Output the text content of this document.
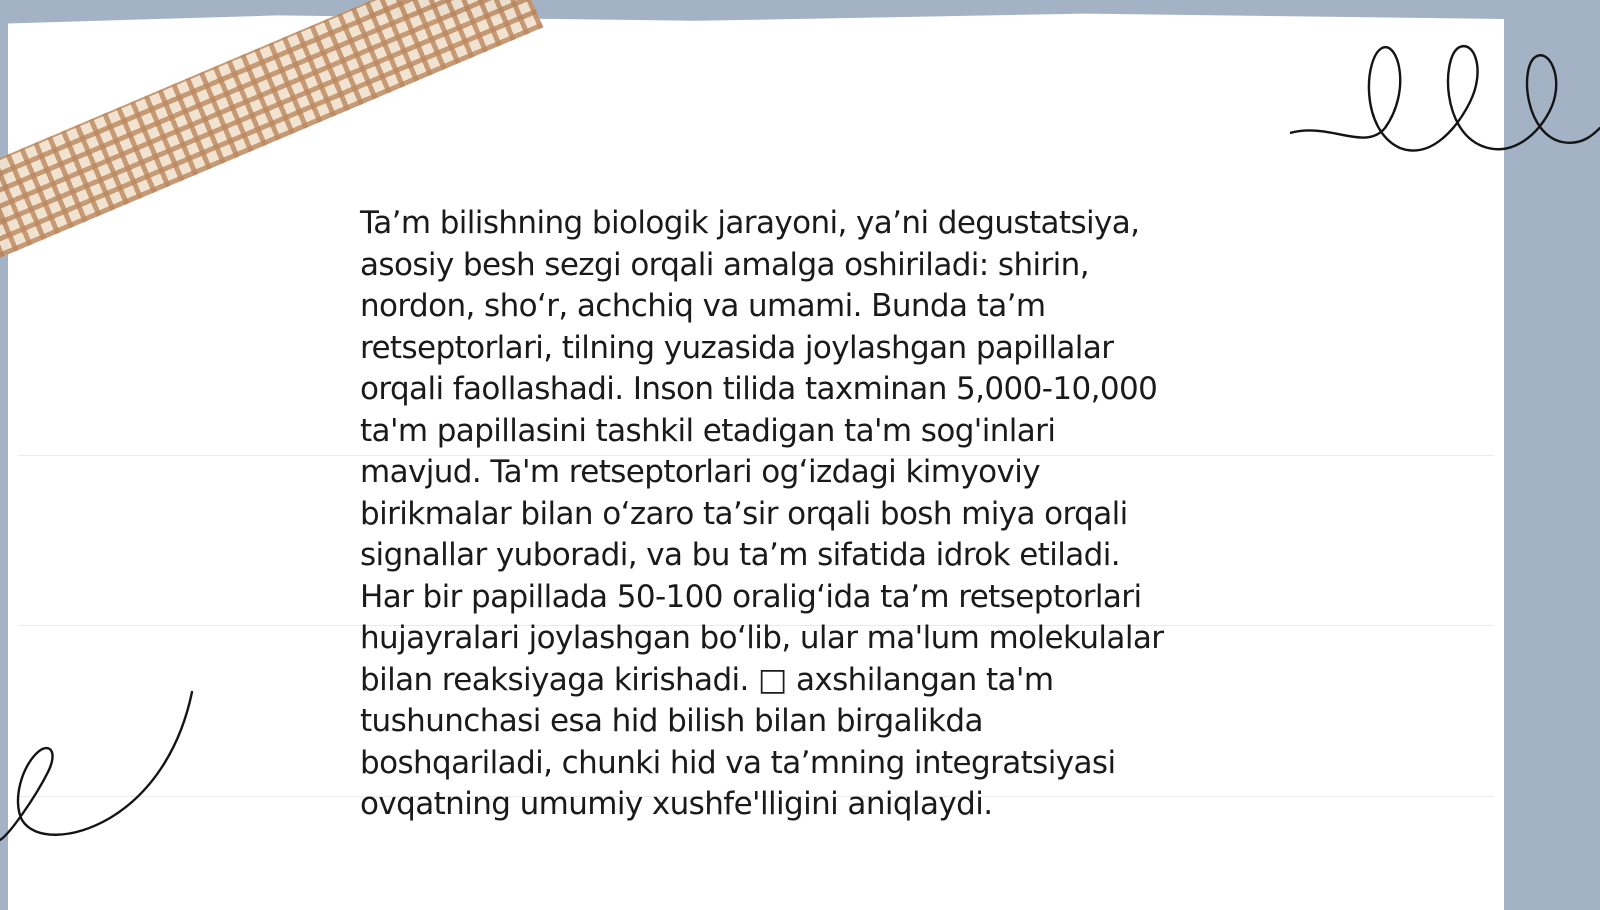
Ta’m bilishning biologik jarayoni, ya’ni degustatsiya,
asosiy besh sezgi orqali amalga oshiriladi: shirin,
nordon, sho‘r, achchiq va umami. Bunda ta’m
retseptorlari, tilning yuzasida joylashgan papillalar
orqali faollashadi. Inson tilida taxminan 5,000-10,000
ta'm papillasini tashkil etadigan ta'm sog'inlari
mavjud. Ta'm retseptorlari og‘izdagi kimyoviy
birikmalar bilan o‘zaro ta’sir orqali bosh miya orqali
signallar yuboradi, va bu ta’m sifatida idrok etiladi.
Har bir papillada 50-100 oralig‘ida ta’m retseptorlari
hujayralari joylashgan bo‘lib, ular ma'lum molekulalar
bilan reaksiyaga kirishadi. □ axshilangan ta'm
tushunchasi esa hid bilish bilan birgalikda
boshqariladi, chunki hid va ta’mning integratsiyasi
ovqatning umumiy xushfe'lligini aniqlaydi.
